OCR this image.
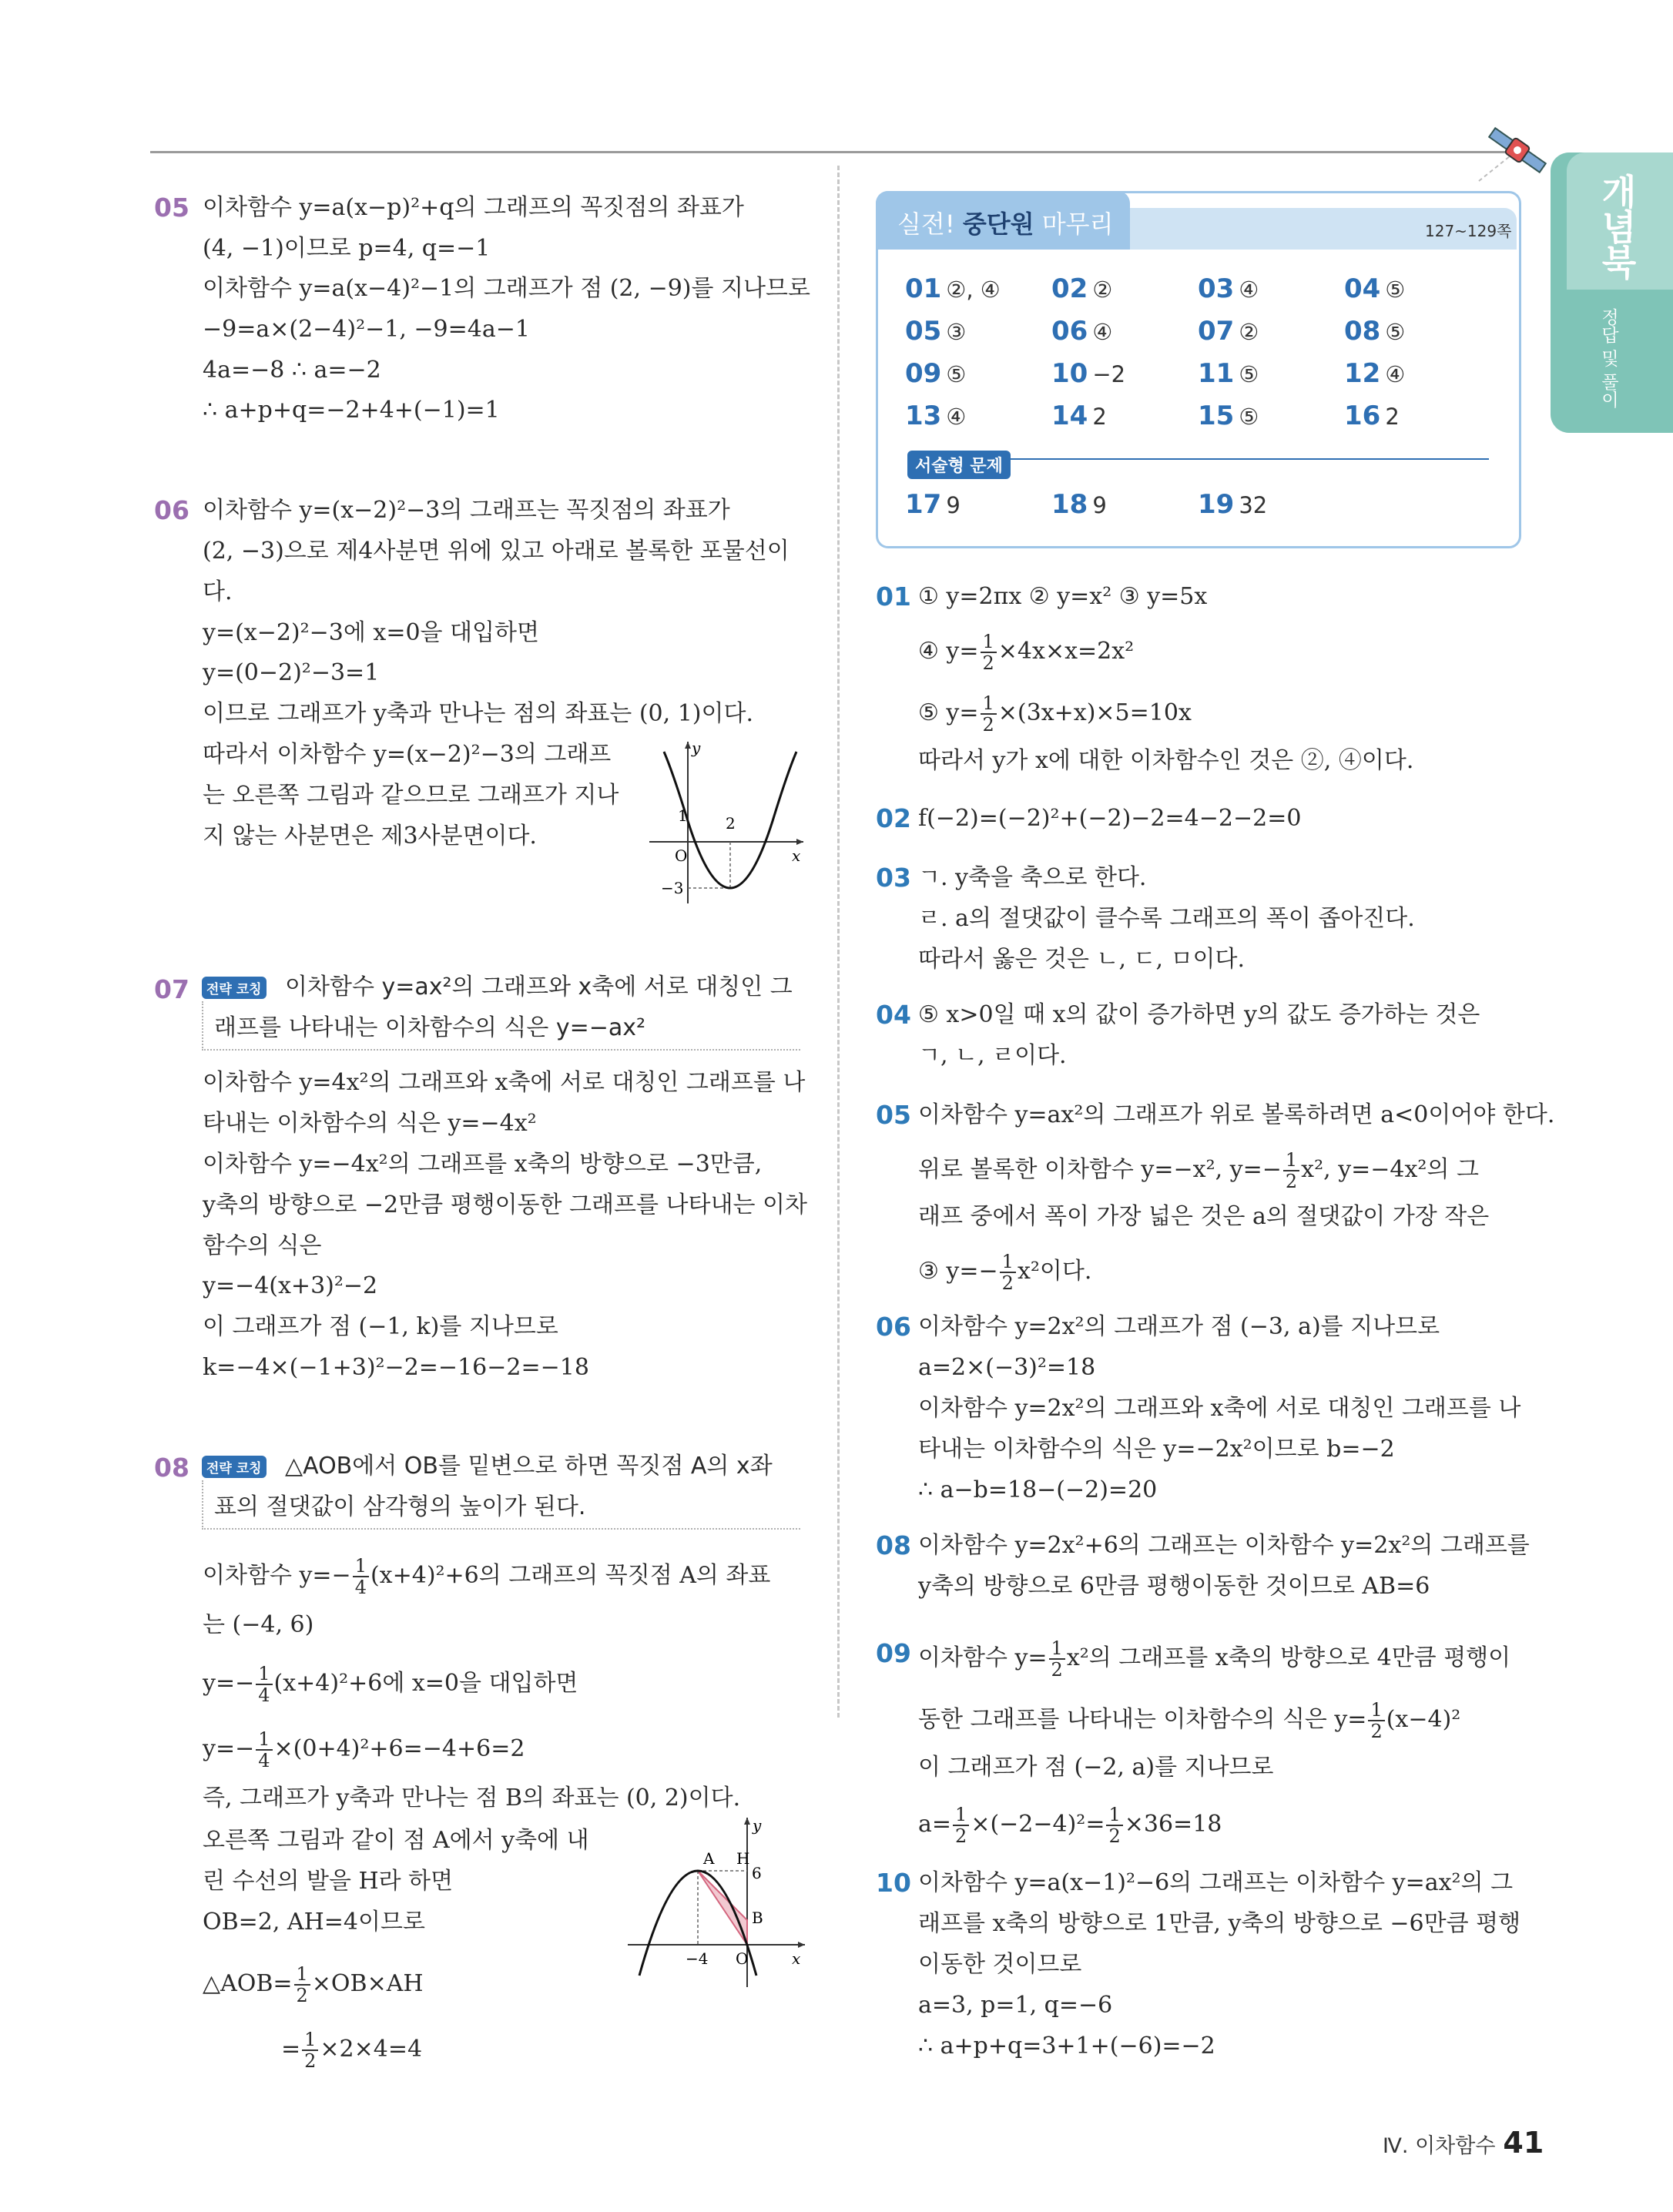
개념북
정답 및 풀이
05 이차함수 y=a(x−p)²+q의 그래프의 꼭짓점의 좌표가
(4, −1)이므로 p=4, q=−1
이차함수 y=a(x−4)²−1의 그래프가 점 (2, −9)를 지나므로
−9=a×(2−4)²−1, −9=4a−1
4a=−8 ∴ a=−2
∴ a+p+q=−2+4+(−1)=1
06 이차함수 y=(x−2)²−3의 그래프는 꼭짓점의 좌표가
(2, −3)으로 제4사분면 위에 있고 아래로 볼록한 포물선이
다.
y=(x−2)²−3에 x=0을 대입하면
y=(0−2)²−3=1
이므로 그래프가 y축과 만나는 점의 좌표는 (0, 1)이다.
따라서 이차함수 y=(x−2)²−3의 그래프
는 오른쪽 그림과 같으므로 그래프가 지나
지 않는 사분면은 제3사분면이다.
y
x
O
1 2
−3
07	전략 코칭 이차함수 y=ax²의 그래프와 x축에 서로 대칭인 그
래프를 나타내는 이차함수의 식은 y=−ax²
이차함수 y=4x²의 그래프와 x축에 서로 대칭인 그래프를 나
타내는 이차함수의 식은 y=−4x²
이차함수 y=−4x²의 그래프를 x축의 방향으로 −3만큼,
y축의 방향으로 −2만큼 평행이동한 그래프를 나타내는 이차
함수의 식은
y=−4(x+3)²−2
이 그래프가 점 (−1, k)를 지나므로
k=−4×(−1+3)²−2=−16−2=−18
08	전략 코칭 △AOB에서 OB를 밑변으로 하면 꼭짓점 A의 x좌
표의 절댓값이 삼각형의 높이가 된다.
이차함수 $y=- \frac{1}{4} (x+4)^2+6$의 그래프의 꼭짓점 A의 좌표
는 (−4, 6)
$y=- \frac{1}{4} (x+4)^2+6$에 x=0을 대입하면
$y=- \frac{1}{4} \times(0+4)^2+6=-4+6=2$
즉, 그래프가 y축과 만나는 점 B의 좌표는 (0, 2)이다.
오른쪽 그림과 같이 점 A에서 y축에 내
린 수선의 발을 H라 하면
OB=2, AH=4이므로
△AOB= $\frac{1}{2} \times OB\times AH$
= $\frac{1}{2} \times 2\times 4=4$
y
x
O
A H
B
6
−4
실전! 중단원 마무리	127~129쪽
01 ②, ④ 02 ②	03 ④	04 ⑤
05 ③	06 ④	07 ②	08 ⑤
09 ⑤	10 −2	11 ⑤	12 ④
13 ④	14 2	15 ⑤	16 2
서술형 문제
17 9	18 9	19 32
01 ① y=2πx ② y=x² ③ y=5x
④ $y= \frac{1}{2} \times 4x\times x=2x^2$
⑤ $y= \frac{1}{2} \times(3x+x)\times 5=10x$
따라서 y가 x에 대한 이차함수인 것은 ②, ④이다.
02 f(−2)=(−2)²+(−2)−2=4−2−2=0
03 ㄱ. y축을 축으로 한다.
ㄹ. a의 절댓값이 클수록 그래프의 폭이 좁아진다.
따라서 옳은 것은 ㄴ, ㄷ, ㅁ이다.
04 ⑤ x>0일 때 x의 값이 증가하면 y의 값도 증가하는 것은
ㄱ, ㄴ, ㄹ이다.
05 이차함수 y=ax²의 그래프가 위로 볼록하려면 a<0이어야 한다.
위로 볼록한 이차함수 y=−x², $y=- \frac{1}{2} x^2$, y=−4x²의 그
래프 중에서 폭이 가장 넓은 것은 a의 절댓값이 가장 작은
③ $y=- \frac{1}{2} x^2$이다.
06 이차함수 y=2x²의 그래프가 점 (−3, a)를 지나므로
a=2×(−3)²=18
이차함수 y=2x²의 그래프와 x축에 서로 대칭인 그래프를 나
타내는 이차함수의 식은 y=−2x²이므로 b=−2
∴ a−b=18−(−2)=20
08 이차함수 y=2x²+6의 그래프는 이차함수 y=2x²의 그래프를
y축의 방향으로 6만큼 평행이동한 것이므로 AB=6
09 이차함수 $y= \frac{1}{2} x^2$의 그래프를 x축의 방향으로 4만큼 평행이
동한 그래프를 나타내는 이차함수의 식은 $y= \frac{1}{2} (x-4)^2$
이 그래프가 점 (−2, a)를 지나므로
$a= \frac{1}{2} \times(-2-4)^2= \frac{1}{2} \times 36=18$
10 이차함수 y=a(x−1)²−6의 그래프는 이차함수 y=ax²의 그
래프를 x축의 방향으로 1만큼, y축의 방향으로 −6만큼 평행
이동한 것이므로
a=3, p=1, q=−6
∴ a+p+q=3+1+(−6)=−2
Ⅳ. 이차함수 41
